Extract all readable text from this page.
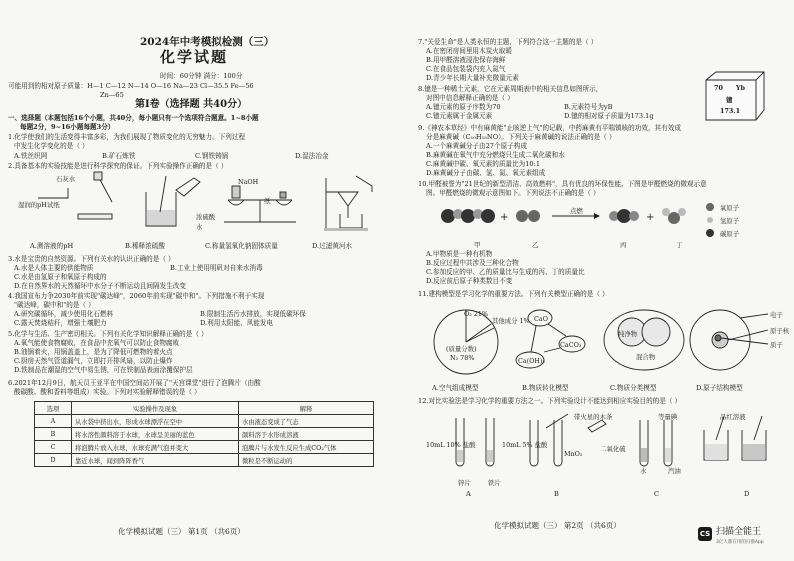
2024年中考模拟检测（三）
化学试题
时间：60分钟 满分：100分
可能用到的相对原子质量：H—1 C—12 N—14 O—16 Na—23 Cl—35.5 Fe—56
Zn—65
第Ⅰ卷（选择题 共40分）
一、选择题（本题包括16个小题，共40分，每小题只有一个选项符合题意。1~8小题
每题2分，9~16小题每题3分）
1.化学使我们的生活变得丰富多彩，为我们展现了物质变化的无穷魅力。下列过程
中发生化学变化的是（ ）
A.铁丝织网	B.矿石炼铁	C.钢铁铸锅	D.湿法冶金
2.具备基本的实验技能是进行科学探究的保证。下列实验操作正确的是（ ）
石灰水
湿润的pH试纸
浓硫酸
NaOH
纸
水
A.测溶液的pH	B.稀释浓硫酸	C.称量氢氧化钠固体质量	D.过滤黄河水
3.水是宝贵的自然资源。下列有关水的认识正确的是（ ）
A.水是人体主要的供能物质	B.工业上使用明矾对自来水消毒
C.水是由氢原子和氧原子构成的
D.在自然界水的天然循环中水分子不断运动且间隔发生改变
4.我国宣布力争2030年前实现"碳达峰"，2060年前实现"碳中和"。下列措施不利于实现
"碳达峰，碳中和"的是（ ）
A.研究碳循环，减少使用化石燃料	B.限制生活污水排放，实现低碳环保
C.露天焚烧秸秆，增强土壤肥力	D.利用太阳能、风能发电
5.化学与生活、生产密切相关。下列有关化学知识解释正确的是（ ）
A.氧气能使食物腐败，在食品中充氧气可以防止食物腐败
B.油锅着火，用锅盖盖上，是为了降低可燃物的着火点
C.厨房天然气管道漏气，立即打开排风扇，以防止爆炸
D.铁制品在潮湿的空气中易生锈，可在铁制品表面涂覆保护层
6.2021年12月9日，航天员王亚平在中国空间站开展了"天宫课堂"进行了泡腾片（由酸
酸碳酸、酸和香料等组成）实验。下列对实验解释错误的是（ ）
选项	实验操作及现象	解释
A	从水袋中挤出水，形成水球漂浮在空中	水由液态变成了气态
B	将水溶性颜料溶于水球，水球呈美丽的蓝色	颜料溶于水形成溶液
C	将泡腾片放入水球，水球充满气泡并变大	泡腾片与水发生反应生成CO₂气体
D	靠近水球，闻到阵阵香气	微粒是不断运动的
化学模拟试题（三） 第1页 （共6页）
7."关爱生命"是人类永恒的主题，下列符合这一主题的是（ ）
A.在密闭房间里用木炭火取暖
B.用甲醛溶液浸泡保存海鲜
C.在食品包装袋内充入氮气
D.青少年长期大量补充微量元素
8.镱是一种稀土元素，它在元素周期表中的相关信息如图所示，
对图中信息解释正确的是（ ）
A.镱元素的原子序数为70	B.元素符号为yB
C.镱元素属于金属元素	D.镱的相对原子质量为173.1g
70 Yb
镱
173.1
9.《神农本草经》中有麻黄能"止咳逆上气"的记载，中药麻黄有平喘镇咳的功效，其有效成
分是麻黄碱（C₁₀H₁₅NO）。下列关于麻黄碱的说法正确的是（ ）
A.一个麻黄碱分子由27个原子构成
B.麻黄碱在氧气中充分燃烧只生成二氧化碳和水
C.麻黄碱中碳、氧元素的质量比为10:1
D.麻黄碱分子由碳、氢、氮、氧元素组成
10.甲醛被誉为"21世纪的新型清洁、高效燃料"，具有优良的环保性能。下图是甲醛燃烧的微观示意
图。甲醛燃烧的微观示意图如下。下列说法不正确的是（ ）
+	+
甲	乙	丙	丁
点燃	氧原子
氢原子
碳原子
A.甲物质是一种有机物
B.反应过程中共涉及三种化合物
C.参加反应的甲、乙的质量比与生成的丙、丁的质量比
D.反应前后原子种类数目不变
11.建构模型是学习化学的重要方法。下列有关模型正确的是（ ）
O₂ 21%
其他成分 1%
(质量分数)
N₂ 78%
CaO
Ca(OH)₂
CaCO₃
纯净物
混合物
电子
原子核
质子
A.空气组成模型	B.物质转化模型	C.物质分类模型	D.原子结构模型
12.对比实验法是学习化学的重要方法之一。下列实验设计不能达到相应实验目的的是（ ）
10mL 10% 盐酸
锌片	铁片
10mL 5% 盐酸
MnO₂
带火星的木条
二氧化硫
等量碘
水	汽油
品红溶液
A	B	C	D
化学模拟试题（三） 第2页 （共6页）
CS 扫描全能王
3亿人都在用的扫描App
